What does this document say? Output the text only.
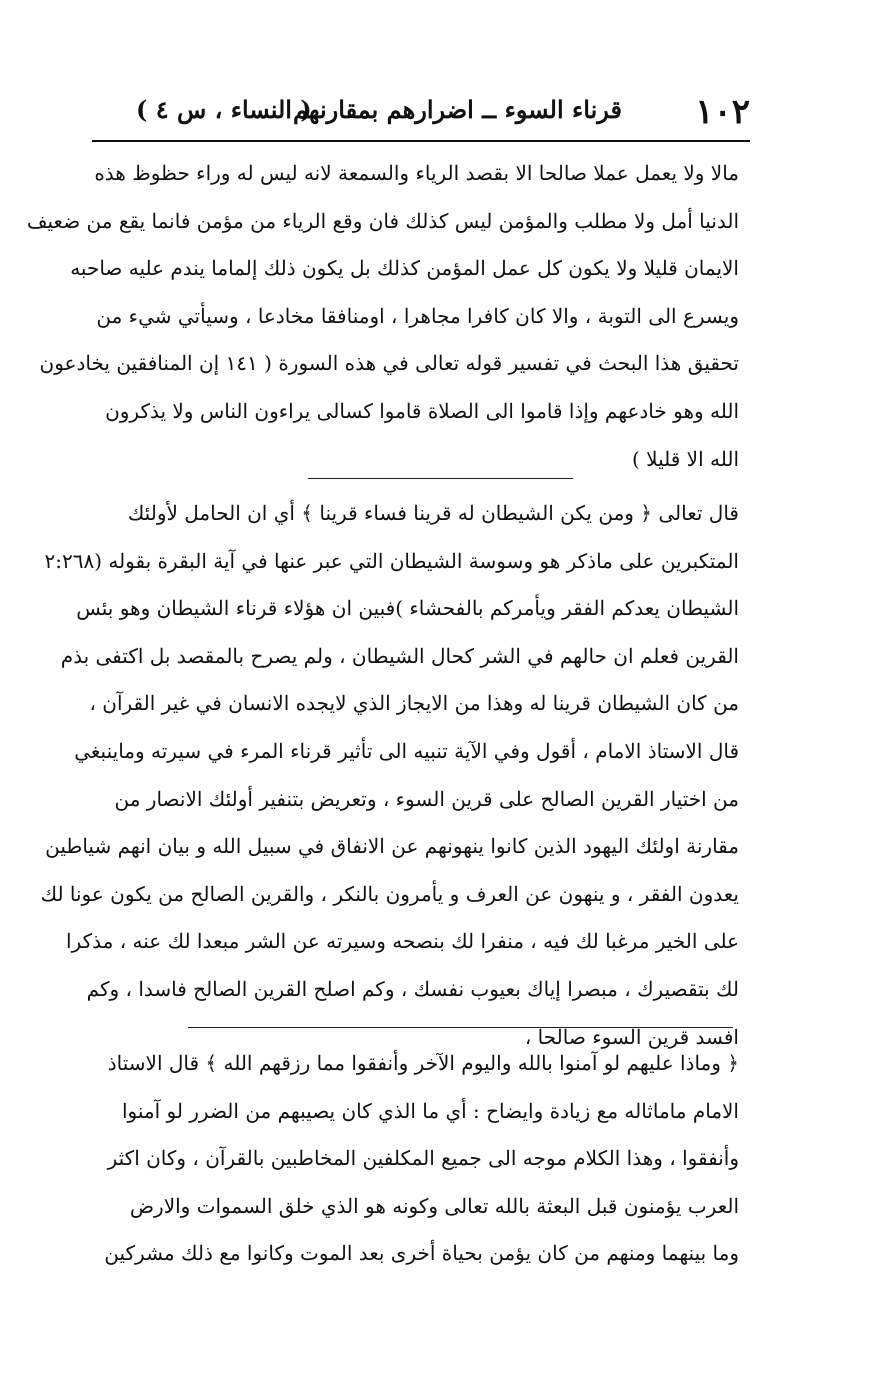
١٠٢
قرناء السوء ــ اضرارهم بمقارنهم
( النساء ، س ٤ )
مالا ولا يعمل عملا صالحا الا بقصد الرياء والسمعة لانه ليس له وراء حظوظ هذه
الدنيا أمل ولا مطلب والمؤمن ليس كذلك فان وقع الرياء من مؤمن فانما يقع من ضعيف
الايمان قليلا ولا يكون كل عمل المؤمن كذلك بل يكون ذلك إلماما يندم عليه صاحبه
ويسرع الى التوبة ، والا كان كافرا مجاهرا ، اومنافقا مخادعا ، وسيأتي شيء من
تحقيق هذا البحث في تفسير قوله تعالى في هذه السورة ( ١٤١ إن المنافقين يخادعون
الله وهو خادعهم وإذا قاموا الى الصلاة قاموا كسالى يراءون الناس ولا يذكرون
الله الا قليلا )
قال تعالى ﴿ ومن يكن الشيطان له قرينا فساء قرينا ﴾ أي ان الحامل لأولئك
المتكبرين على ماذكر هو وسوسة الشيطان التي عبر عنها في آية البقرة بقوله (٢:٢٦٨
الشيطان يعدكم الفقر ويأمركم بالفحشاء )فبين ان هؤلاء قرناء الشيطان وهو بئس
القرين فعلم ان حالهم في الشر كحال الشيطان ، ولم يصرح بالمقصد بل اكتفى بذم
من كان الشيطان قرينا له وهذا من الايجاز الذي لايجده الانسان في غير القرآن ،
قال الاستاذ الامام ، أقول وفي الآية تنبيه الى تأثير قرناء المرء في سيرته وماينبغي
من اختيار القرين الصالح على قرين السوء ، وتعريض بتنفير أولئك الانصار من
مقارنة اولئك اليهود الذين كانوا ينهونهم عن الانفاق في سبيل الله و بيان انهم شياطين
يعدون الفقر ، و ينهون عن العرف و يأمرون بالنكر ، والقرين الصالح من يكون عونا لك
على الخير مرغبا لك فيه ، منفرا لك بنصحه وسيرته عن الشر مبعدا لك عنه ، مذكرا
لك بتقصيرك ، مبصرا إياك بعيوب نفسك ، وكم اصلح القرين الصالح فاسدا ، وكم
افسد قرين السوء صالحا ،
﴿ وماذا عليهم لو آمنوا بالله واليوم الآخر وأنفقوا مما رزقهم الله ﴾ قال الاستاذ
الامام ماماثاله مع زيادة وايضاح : أي ما الذي كان يصيبهم من الضرر لو آمنوا
وأنفقوا ، وهذا الكلام موجه الى جميع المكلفين المخاطبين بالقرآن ، وكان اكثر
العرب يؤمنون قبل البعثة بالله تعالى وكونه هو الذي خلق السموات والارض
وما بينهما ومنهم من كان يؤمن بحياة أخرى بعد الموت وكانوا مع ذلك مشركين
